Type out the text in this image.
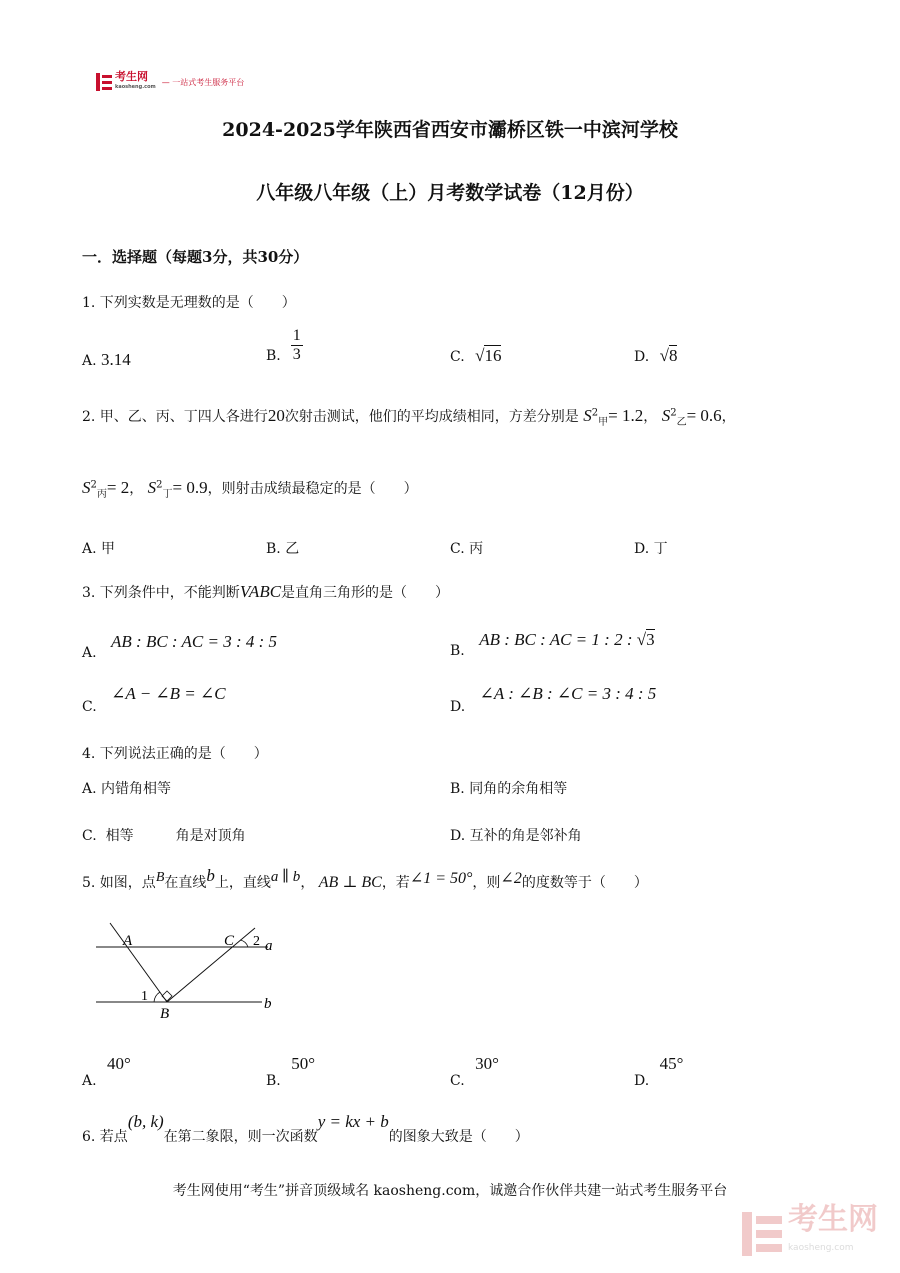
考生网
kaosheng.com
— 一站式考生服务平台
2024-2025学年陕西省西安市灞桥区铁一中滨河学校
八年级八年级（上）月考数学试卷（12月份）
一．选择题（每题3分，共30分）
1. 下列实数是无理数的是（　　）
A. 3.14	B. $\frac{1}{3}$	C. √16	D. √8
2. 甲、乙、丙、丁四人各进行20次射击测试，他们的平均成绩相同，方差分别是 $S^2_甲= 1.2$， $S^2_乙= 0.6$，
$S^2_丙= 2$， $S^2_丁= 0.9$，则射击成绩最稳定的是（　　）
A. 甲	B. 乙	C. 丙	D. 丁
3. 下列条件中，不能判断VABC是直角三角形的是（　　）
A. AB : BC : AC = 3 : 4 : 5	B. AB : BC : AC = 1 : 2 : √3
C. ∠A − ∠B = ∠C
D. ∠A : ∠B : ∠C = 3 : 4 : 5
4. 下列说法正确的是（　　）
A. 内错角相等	B. 同角的余角相等
C.  相等　　　角是对顶角	D. 互补的角是邻补角
5. 如图，点B在直线b上，直线a ∥ b， AB ⊥ BC，若∠1 = 50°，则∠2的度数等于（　　）
A	C 2 a
1
B
b
A. 40°
B. 50°
C. 30°
D. 45°
6. 若点(b, k)在第二象限，则一次函数y = kx + b的图象大致是（　　）
考生网使用“考生”拼音顶级域名 kaosheng.com，诚邀合作伙伴共建一站式考生服务平台
考生网
kaosheng.com
